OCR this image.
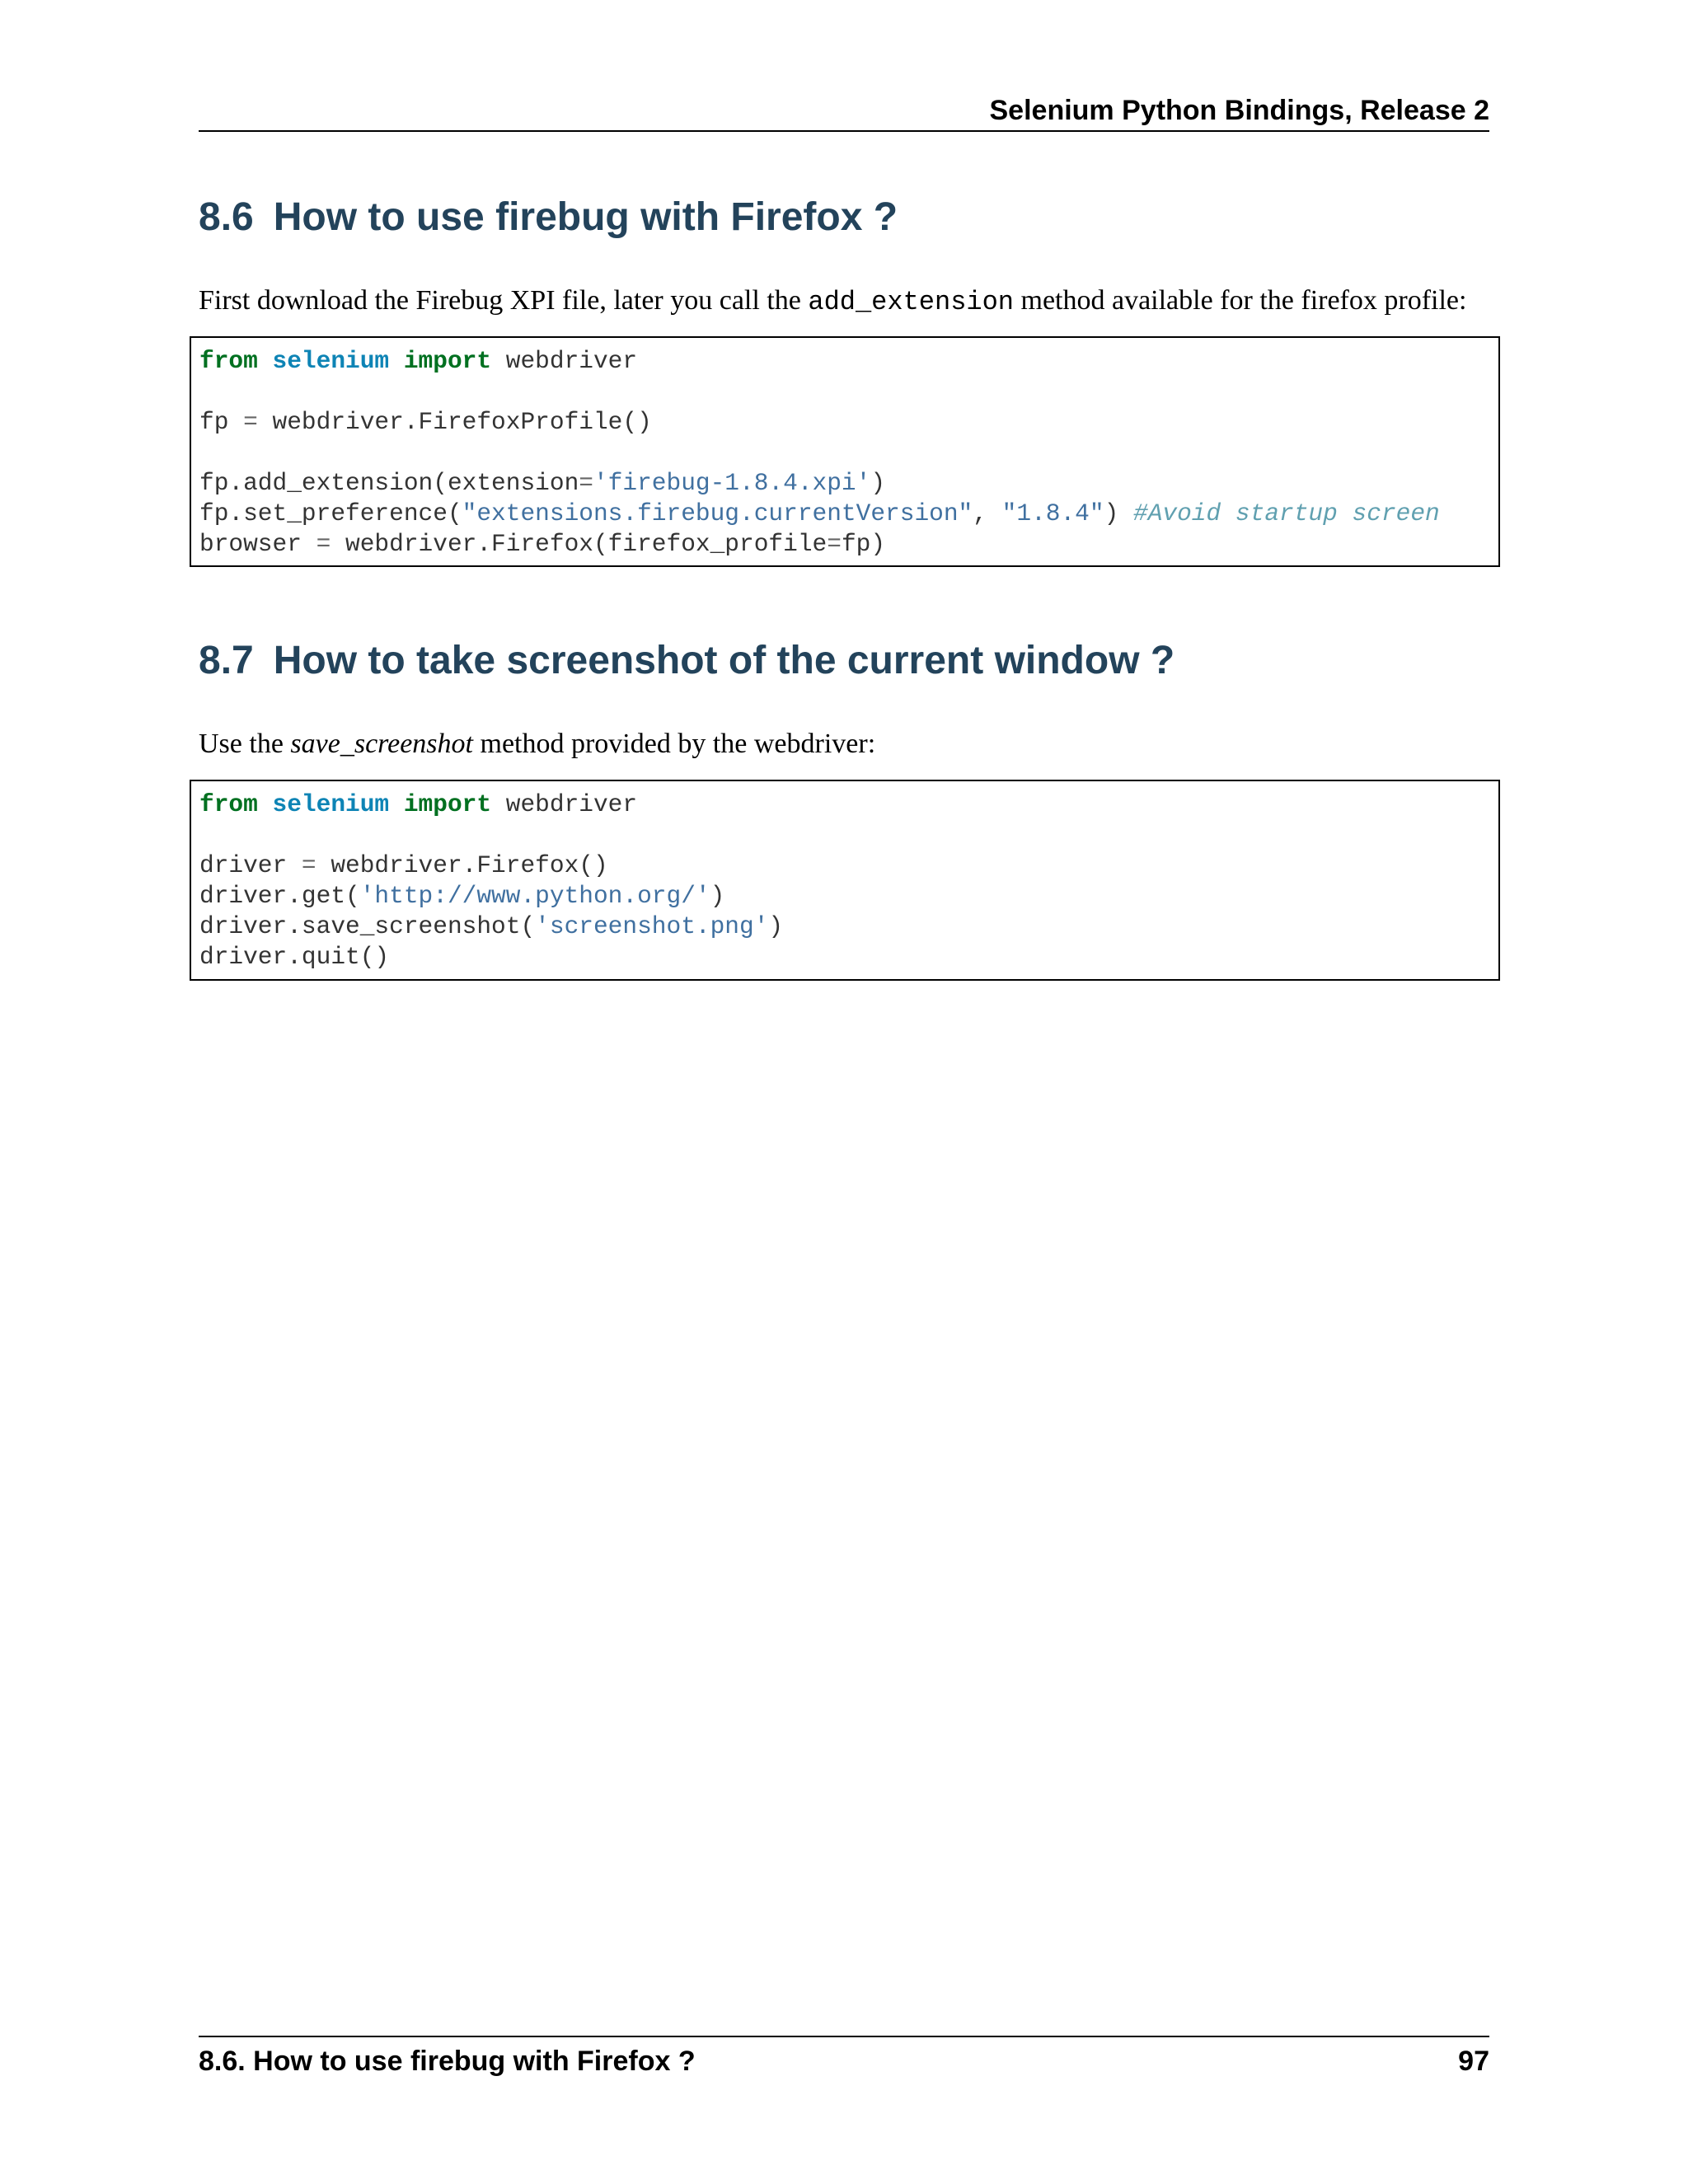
Selenium Python Bindings, Release 2
8.6 How to use firebug with Firefox ?

First download the Firebug XPI file, later you call the add_extension method available for the firefox profile:

from selenium import webdriver
fp = webdriver.FirefoxProfile()
fp.add_extension(extension='firebug-1.8.4.xpi')
fp.set_preference("extensions.firebug.currentVersion", "1.8.4") #Avoid startup screen
browser = webdriver.Firefox(firefox_profile=fp)
8.7 How to take screenshot of the current window ?

Use the save_screenshot method provided by the webdriver:

from selenium import webdriver
driver = webdriver.Firefox()
driver.get('http://www.python.org/')
driver.save_screenshot('screenshot.png')
driver.quit()
8.6. How to use firebug with Firefox ?	97
